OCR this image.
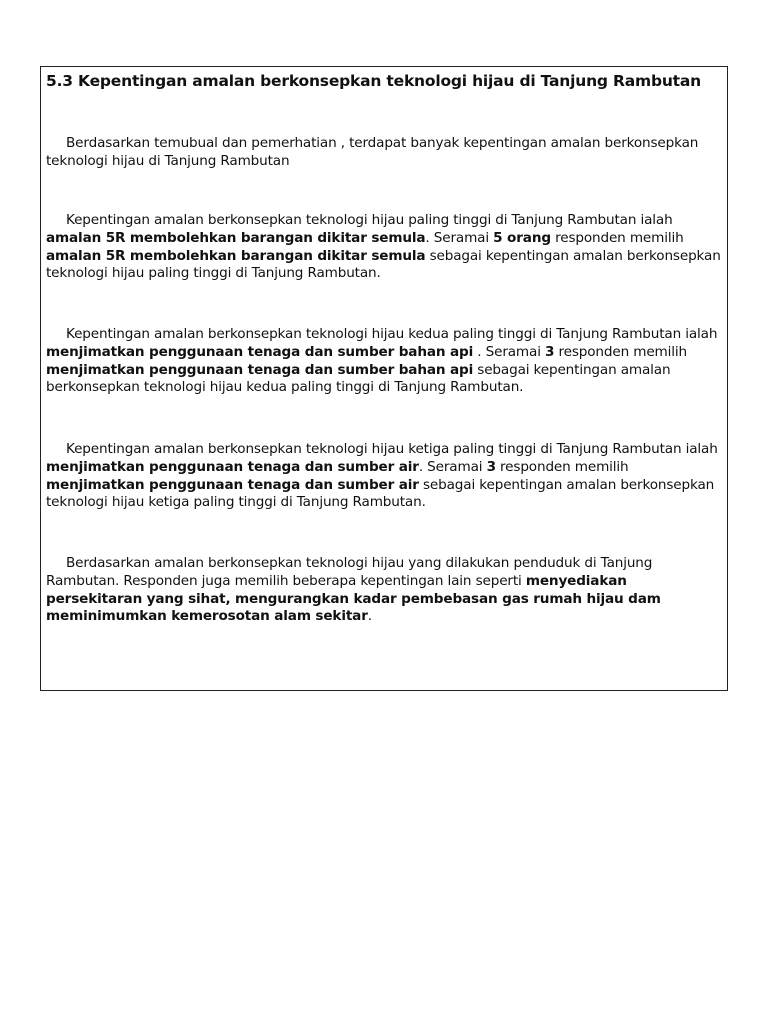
5.3 Kepentingan amalan berkonsepkan teknologi hijau di Tanjung Rambutan

Berdasarkan temubual dan pemerhatian , terdapat banyak kepentingan amalan berkonsepkan teknologi hijau di Tanjung Rambutan

Kepentingan amalan berkonsepkan teknologi hijau paling tinggi di Tanjung Rambutan ialah amalan 5R membolehkan barangan dikitar semula. Seramai 5 orang responden memilih amalan 5R membolehkan barangan dikitar semula sebagai kepentingan amalan berkonsepkan teknologi hijau paling tinggi di Tanjung Rambutan.

Kepentingan amalan berkonsepkan teknologi hijau kedua paling tinggi di Tanjung Rambutan ialah menjimatkan penggunaan tenaga dan sumber bahan api . Seramai 3 responden memilih menjimatkan penggunaan tenaga dan sumber bahan api sebagai kepentingan amalan berkonsepkan teknologi hijau kedua paling tinggi di Tanjung Rambutan.

Kepentingan amalan berkonsepkan teknologi hijau ketiga paling tinggi di Tanjung Rambutan ialah menjimatkan penggunaan tenaga dan sumber air. Seramai 3 responden memilih menjimatkan penggunaan tenaga dan sumber air sebagai kepentingan amalan berkonsepkan teknologi hijau ketiga paling tinggi di Tanjung Rambutan.

Berdasarkan amalan berkonsepkan teknologi hijau yang dilakukan penduduk di Tanjung Rambutan. Responden juga memilih beberapa kepentingan lain seperti menyediakan persekitaran yang sihat, mengurangkan kadar pembebasan gas rumah hijau dam meminimumkan kemerosotan alam sekitar.
